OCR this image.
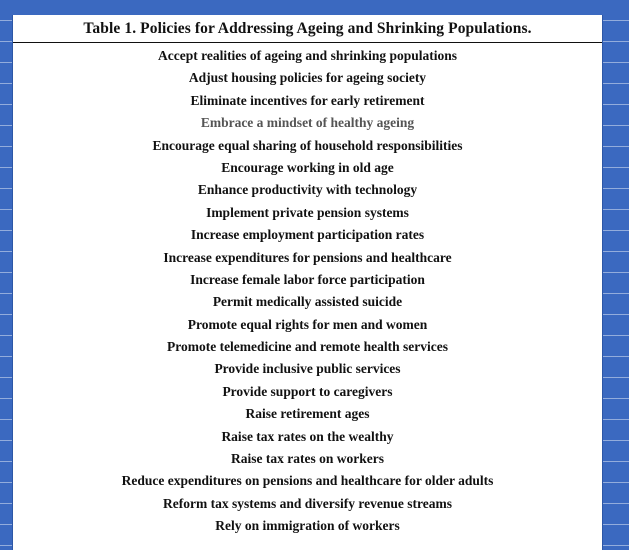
Table 1. Policies for Addressing Ageing and Shrinking Populations.
Accept realities of ageing and shrinking populations
Adjust housing policies for ageing society
Eliminate incentives for early retirement
Embrace a mindset of healthy ageing
Encourage equal sharing of household responsibilities
Encourage working in old age
Enhance productivity with technology
Implement private pension systems
Increase employment participation rates
Increase expenditures for pensions and healthcare
Increase female labor force participation
Permit medically assisted suicide
Promote equal rights for men and women
Promote telemedicine and remote health services
Provide inclusive public services
Provide support to caregivers
Raise retirement ages
Raise tax rates on the wealthy
Raise tax rates on workers
Reduce expenditures on pensions and healthcare for older adults
Reform tax systems and diversify revenue streams
Rely on immigration of workers
